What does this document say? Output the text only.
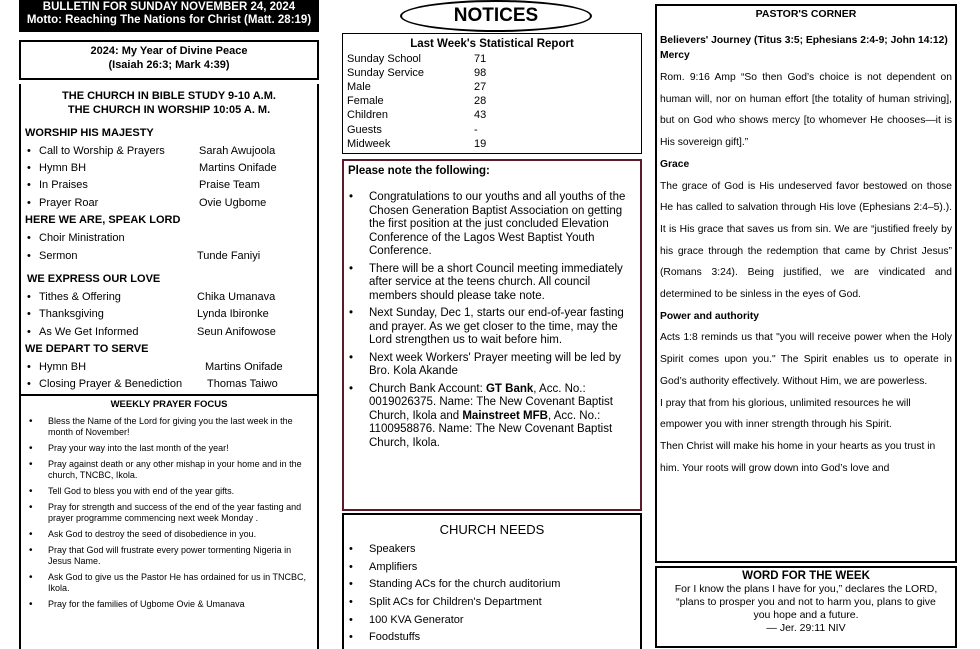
BULLETIN FOR SUNDAY NOVEMBER 24, 2024
Motto: Reaching The Nations for Christ (Matt. 28:19)
2024: My Year of Divine Peace
(Isaiah 26:3; Mark 4:39)
THE CHURCH IN BIBLE STUDY 9-10 A.M.
THE CHURCH IN WORSHIP 10:05 A. M.
WORSHIP HIS MAJESTY
• Call to Worship & Prayers	Sarah Awujoola
• Hymn BH	Martins Onifade
• In Praises	Praise Team
• Prayer Roar	Ovie Ugbome
HERE WE ARE, SPEAK LORD
• Choir Ministration
• Sermon	Tunde Faniyi
WE EXPRESS OUR LOVE
• Tithes & Offering	Chika Umanava
• Thanksgiving	Lynda Ibironke
• As We Get Informed	Seun Anifowose
WE DEPART TO SERVE
• Hymn BH	Martins Onifade
• Closing Prayer & Benediction Thomas Taiwo
WEEKLY PRAYER FOCUS
• Bless the Name of the Lord for giving you the last week in the month of November!
• Pray your way into the last month of the year!
• Pray against death or any other mishap in your home and in the church, TNCBC, Ikola.
• Tell God to bless you with end of the year gifts.
• Pray for strength and success of the end of the year fasting and prayer programme commencing next week Monday .
• Ask God to destroy the seed of disobedience in you.
• Pray that God will frustrate every power tormenting Nigeria in Jesus Name.
• Ask God to give us the Pastor He has ordained for us in TNCBC, Ikola.
• Pray for the families of Ugbome Ovie & Umanava
NOTICES
Last Week's Statistical Report
Sunday School	71
Sunday Service	98
Male	27
Female	28
Children	43
Guests	-
Midweek	19
Please note the following:
• Congratulations to our youths and all youths of the Chosen Generation Baptist Association on getting the first position at the just concluded Elevation Conference of the Lagos West Baptist Youth Conference.
• There will be a short Council meeting immediately after service at the teens church. All council members should please take note.
• Next Sunday, Dec 1, starts our end-of-year fasting and prayer. As we get closer to the time, may the Lord strengthen us to wait before him.
• Next week Workers' Prayer meeting will be led by Bro. Kola Akande
• Church Bank Account: GT Bank, Acc. No.: 0019026375. Name: The New Covenant Baptist Church, Ikola and Mainstreet MFB, Acc. No.: 1100958876. Name: The New Covenant Baptist Church, Ikola.
CHURCH NEEDS
• Speakers
• Amplifiers
• Standing ACs for the church auditorium
• Split ACs for Children's Department
• 100 KVA Generator
• Foodstuffs
PASTOR'S CORNER

Believers' Journey (Titus 3:5; Ephesians 2:4-9; John 14:12)

Mercy

Rom. 9:16 Amp “So then God’s choice is not dependent on human will, nor on human effort [the totality of human striving], but on God who shows mercy [to whomever He chooses—it is His sovereign gift].”

Grace

The grace of God is His undeserved favor bestowed on those He has called to salvation through His love (Ephesians 2:4–5).). It is His grace that saves us from sin. We are “justified freely by his grace through the redemption that came by Christ Jesus” (Romans 3:24). Being justified, we are vindicated and determined to be sinless in the eyes of God.

Power and authority

Acts 1:8 reminds us that "you will receive power when the Holy Spirit comes upon you." The Spirit enables us to operate in God’s authority effectively. Without Him, we are powerless.

I pray that from his glorious, unlimited resources he will empower you with inner strength through his Spirit.

Then Christ will make his home in your hearts as you trust in him. Your roots will grow down into God’s love and

WORD FOR THE WEEK
For I know the plans I have for you,” declares the LORD,
“plans to prosper you and not to harm you, plans to give
you hope and a future.
— Jer. 29:11 NIV
